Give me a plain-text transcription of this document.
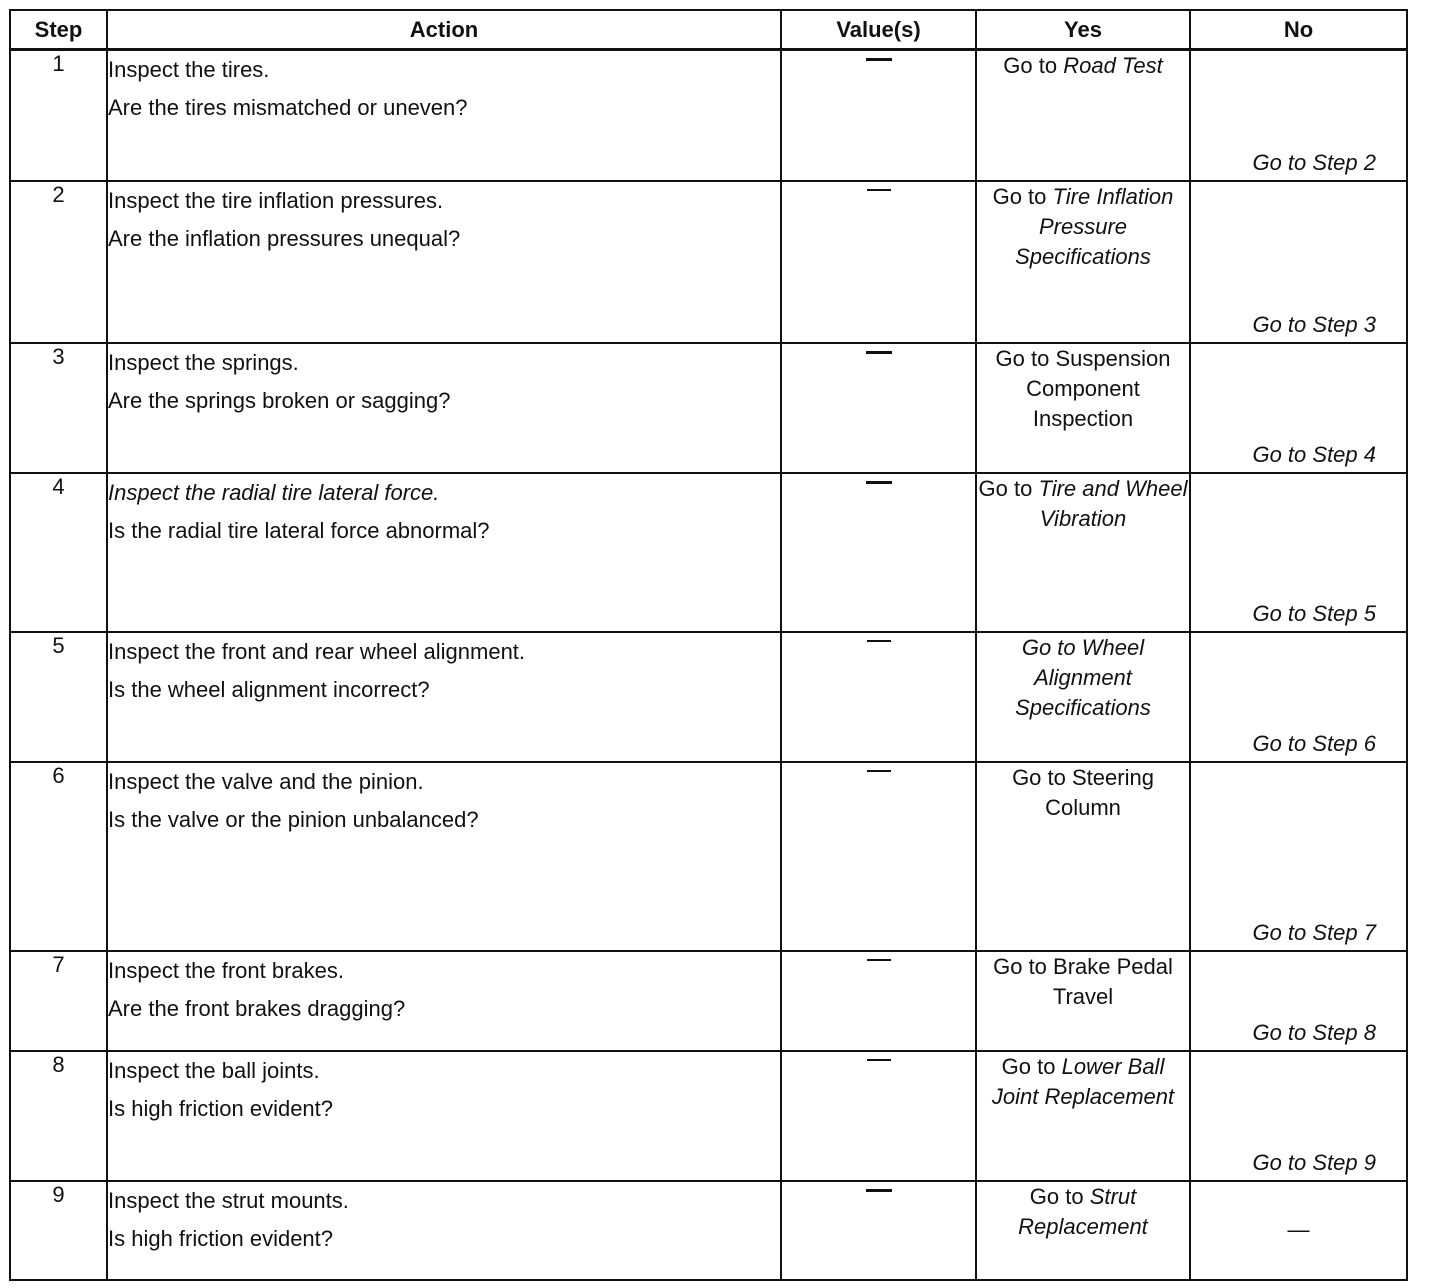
Step	Action	Value(s)	Yes	No
1	Inspect the tires.
Are the tires mismatched or uneven?		Go to Road Test	Go to Step 2

2	Inspect the tire inflation pressures.
Are the inflation pressures unequal?		Go to Tire Inflation Pressure Specifications	Go to Step 3

3	Inspect the springs.
Are the springs broken or sagging?		Go to Suspension Component Inspection	Go to Step 4

4	Inspect the radial tire lateral force.
Is the radial tire lateral force abnormal?		Go to Tire and Wheel Vibration	Go to Step 5

5	Inspect the front and rear wheel alignment.
Is the wheel alignment incorrect?		Go to Wheel Alignment Specifications	Go to Step 6

6	Inspect the valve and the pinion.
Is the valve or the pinion unbalanced?		Go to Steering Column	Go to Step 7

7	Inspect the front brakes.
Are the front brakes dragging?		Go to Brake Pedal Travel	Go to Step 8

8	Inspect the ball joints.
Is high friction evident?		Go to Lower Ball Joint Replacement	Go to Step 9

9	Inspect the strut mounts.
Is high friction evident?		Go to Strut Replacement	—
